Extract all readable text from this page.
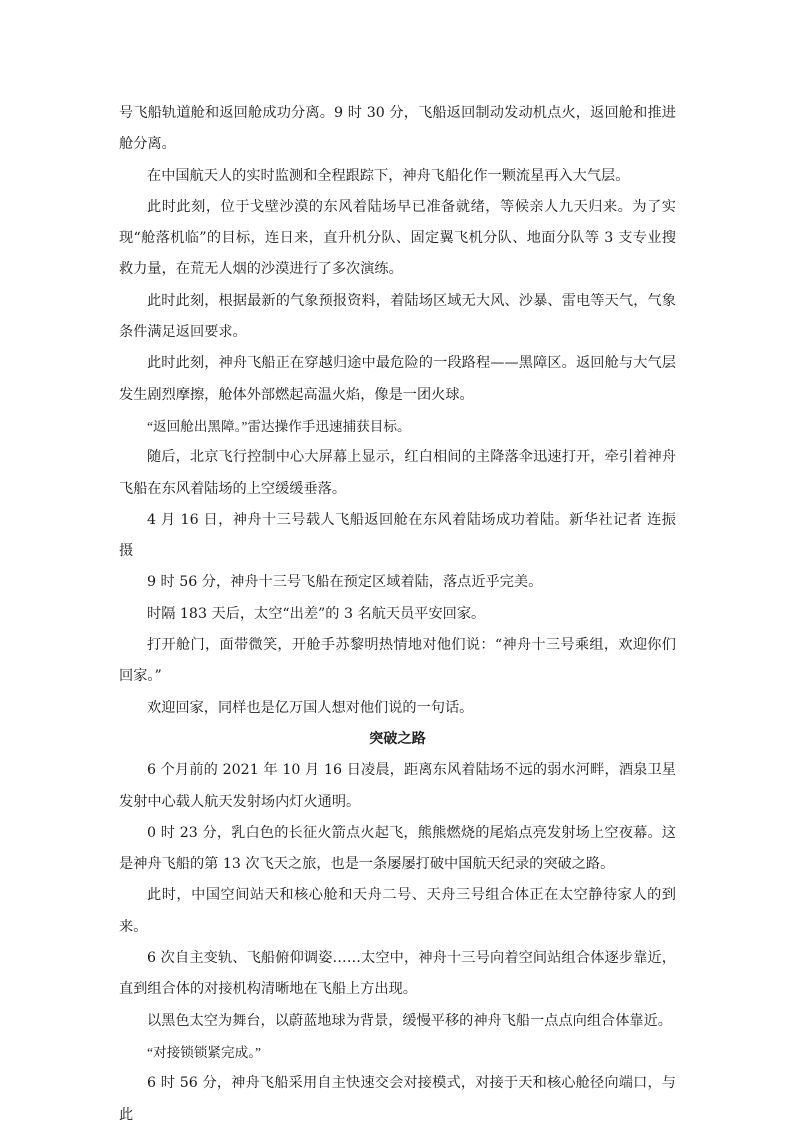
号飞船轨道舱和返回舱成功分离。9 时 30 分，飞船返回制动发动机点火，返回舱和推进舱分离。

在中国航天人的实时监测和全程跟踪下，神舟飞船化作一颗流星再入大气层。

此时此刻，位于戈壁沙漠的东风着陆场早已准备就绪，等候亲人九天归来。为了实现“舱落机临”的目标，连日来，直升机分队、固定翼飞机分队、地面分队等 3 支专业搜救力量，在荒无人烟的沙漠进行了多次演练。

此时此刻，根据最新的气象预报资料，着陆场区域无大风、沙暴、雷电等天气，气象条件满足返回要求。

此时此刻，神舟飞船正在穿越归途中最危险的一段路程——黑障区。返回舱与大气层发生剧烈摩擦，舱体外部燃起高温火焰，像是一团火球。

“返回舱出黑障。”雷达操作手迅速捕获目标。

随后，北京飞行控制中心大屏幕上显示，红白相间的主降落伞迅速打开，牵引着神舟飞船在东风着陆场的上空缓缓垂落。

4 月 16 日，神舟十三号载人飞船返回舱在东风着陆场成功着陆。新华社记者 连振 摄

9 时 56 分，神舟十三号飞船在预定区域着陆，落点近乎完美。

时隔 183 天后，太空“出差”的 3 名航天员平安回家。

打开舱门，面带微笑，开舱手苏黎明热情地对他们说：“神舟十三号乘组，欢迎你们回家。”

欢迎回家，同样也是亿万国人想对他们说的一句话。

突破之路

6 个月前的 2021 年 10 月 16 日凌晨，距离东风着陆场不远的弱水河畔，酒泉卫星发射中心载人航天发射场内灯火通明。

0 时 23 分，乳白色的长征火箭点火起飞，熊熊燃烧的尾焰点亮发射场上空夜幕。这是神舟飞船的第 13 次飞天之旅，也是一条屡屡打破中国航天纪录的突破之路。

此时，中国空间站天和核心舱和天舟二号、天舟三号组合体正在太空静待家人的到来。

6 次自主变轨、飞船俯仰调姿……太空中，神舟十三号向着空间站组合体逐步靠近，直到组合体的对接机构清晰地在飞船上方出现。

以黑色太空为舞台，以蔚蓝地球为背景，缓慢平移的神舟飞船一点点向组合体靠近。

“对接锁锁紧完成。”

6 时 56 分，神舟飞船采用自主快速交会对接模式，对接于天和核心舱径向端口，与此
